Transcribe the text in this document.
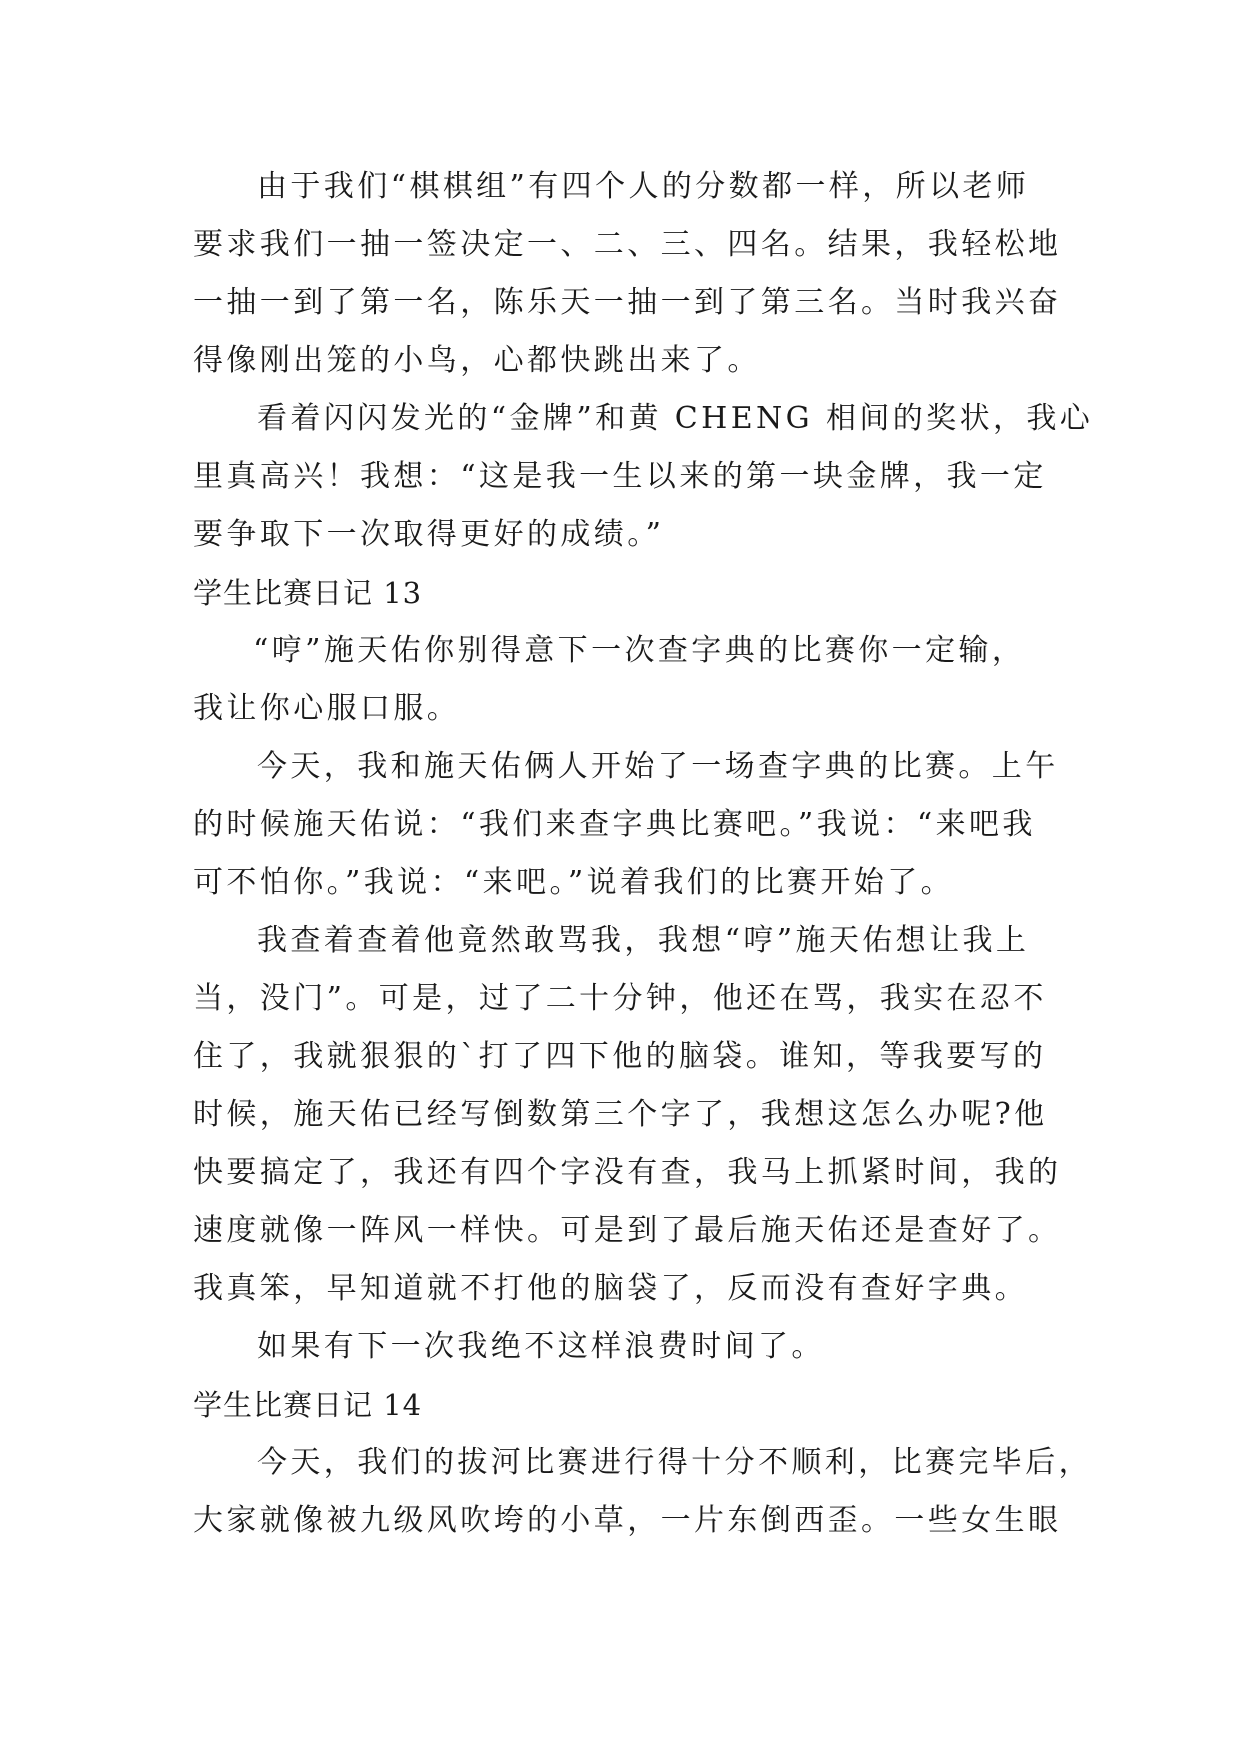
由于我们“棋棋组”有四个人的分数都一样，所以老师
要求我们一抽一签决定一、二、三、四名。结果，我轻松地
一抽一到了第一名，陈乐天一抽一到了第三名。当时我兴奋
得像刚出笼的小鸟，心都快跳出来了。
看着闪闪发光的“金牌”和黄 CHENG 相间的奖状，我心
里真高兴！我想：“这是我一生以来的第一块金牌，我一定
要争取下一次取得更好的成绩。”
学生比赛日记 13
“哼”施天佑你别得意下一次查字典的比赛你一定输，
我让你心服口服。
今天，我和施天佑俩人开始了一场查字典的比赛。上午
的时候施天佑说：“我们来查字典比赛吧。”我说：“来吧我
可不怕你。”我说：“来吧。”说着我们的比赛开始了。
我查着查着他竟然敢骂我，我想“哼”施天佑想让我上
当，没门”。可是，过了二十分钟，他还在骂，我实在忍不
住了，我就狠狠的`打了四下他的脑袋。谁知，等我要写的
时候，施天佑已经写倒数第三个字了，我想这怎么办呢?他
快要搞定了，我还有四个字没有查，我马上抓紧时间，我的
速度就像一阵风一样快。可是到了最后施天佑还是查好了。
我真笨，早知道就不打他的脑袋了，反而没有查好字典。
如果有下一次我绝不这样浪费时间了。
学生比赛日记 14
今天，我们的拔河比赛进行得十分不顺利，比赛完毕后，
大家就像被九级风吹垮的小草，一片东倒西歪。一些女生眼
